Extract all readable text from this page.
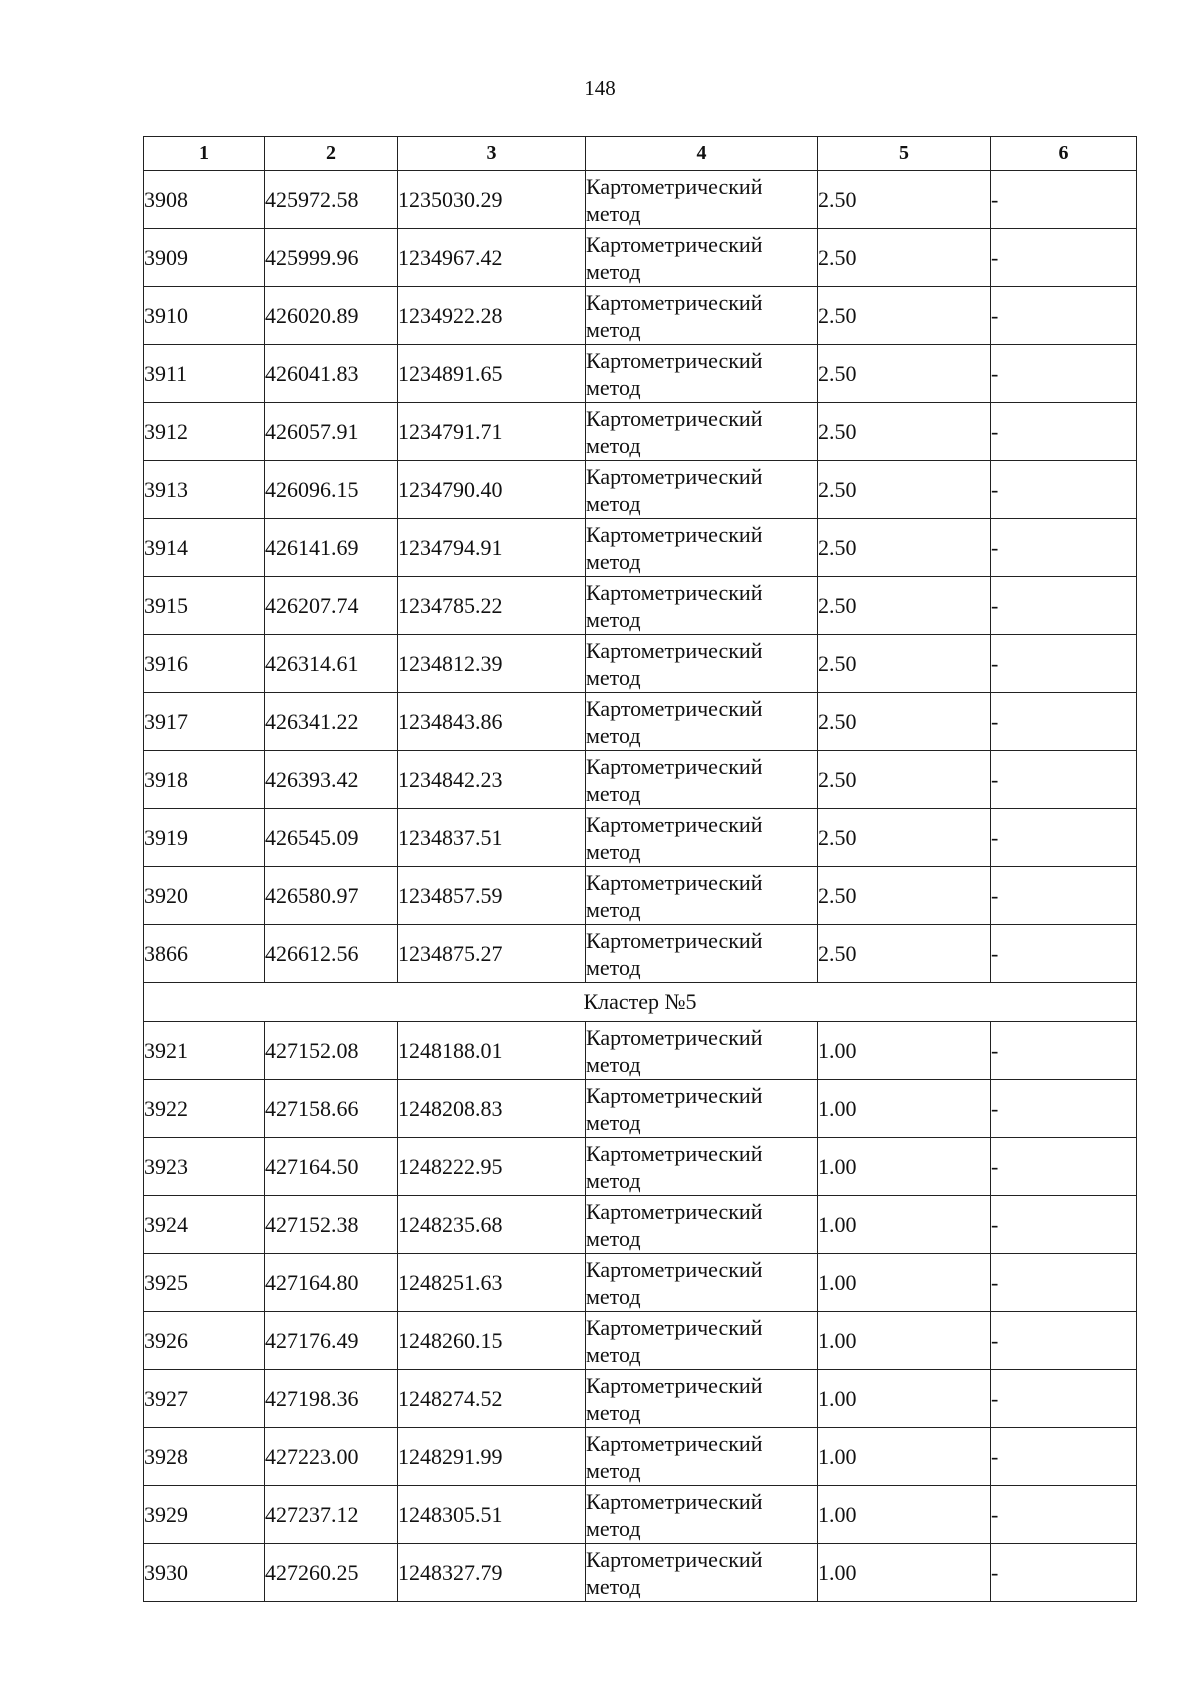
148
1	2	3	4	5	6
3908	425972.58	1235030.29	Картометрический метод	2.50	-
3909	425999.96	1234967.42	Картометрический метод	2.50	-
3910	426020.89	1234922.28	Картометрический метод	2.50	-
3911	426041.83	1234891.65	Картометрический метод	2.50	-
3912	426057.91	1234791.71	Картометрический метод	2.50	-
3913	426096.15	1234790.40	Картометрический метод	2.50	-
3914	426141.69	1234794.91	Картометрический метод	2.50	-
3915	426207.74	1234785.22	Картометрический метод	2.50	-
3916	426314.61	1234812.39	Картометрический метод	2.50	-
3917	426341.22	1234843.86	Картометрический метод	2.50	-
3918	426393.42	1234842.23	Картометрический метод	2.50	-
3919	426545.09	1234837.51	Картометрический метод	2.50	-
3920	426580.97	1234857.59	Картометрический метод	2.50	-
3866	426612.56	1234875.27	Картометрический метод	2.50	-
Кластер №5					
3921	427152.08	1248188.01	Картометрический метод	1.00	-
3922	427158.66	1248208.83	Картометрический метод	1.00	-
3923	427164.50	1248222.95	Картометрический метод	1.00	-
3924	427152.38	1248235.68	Картометрический метод	1.00	-
3925	427164.80	1248251.63	Картометрический метод	1.00	-
3926	427176.49	1248260.15	Картометрический метод	1.00	-
3927	427198.36	1248274.52	Картометрический метод	1.00	-
3928	427223.00	1248291.99	Картометрический метод	1.00	-
3929	427237.12	1248305.51	Картометрический метод	1.00	-
3930	427260.25	1248327.79	Картометрический метод	1.00	-
